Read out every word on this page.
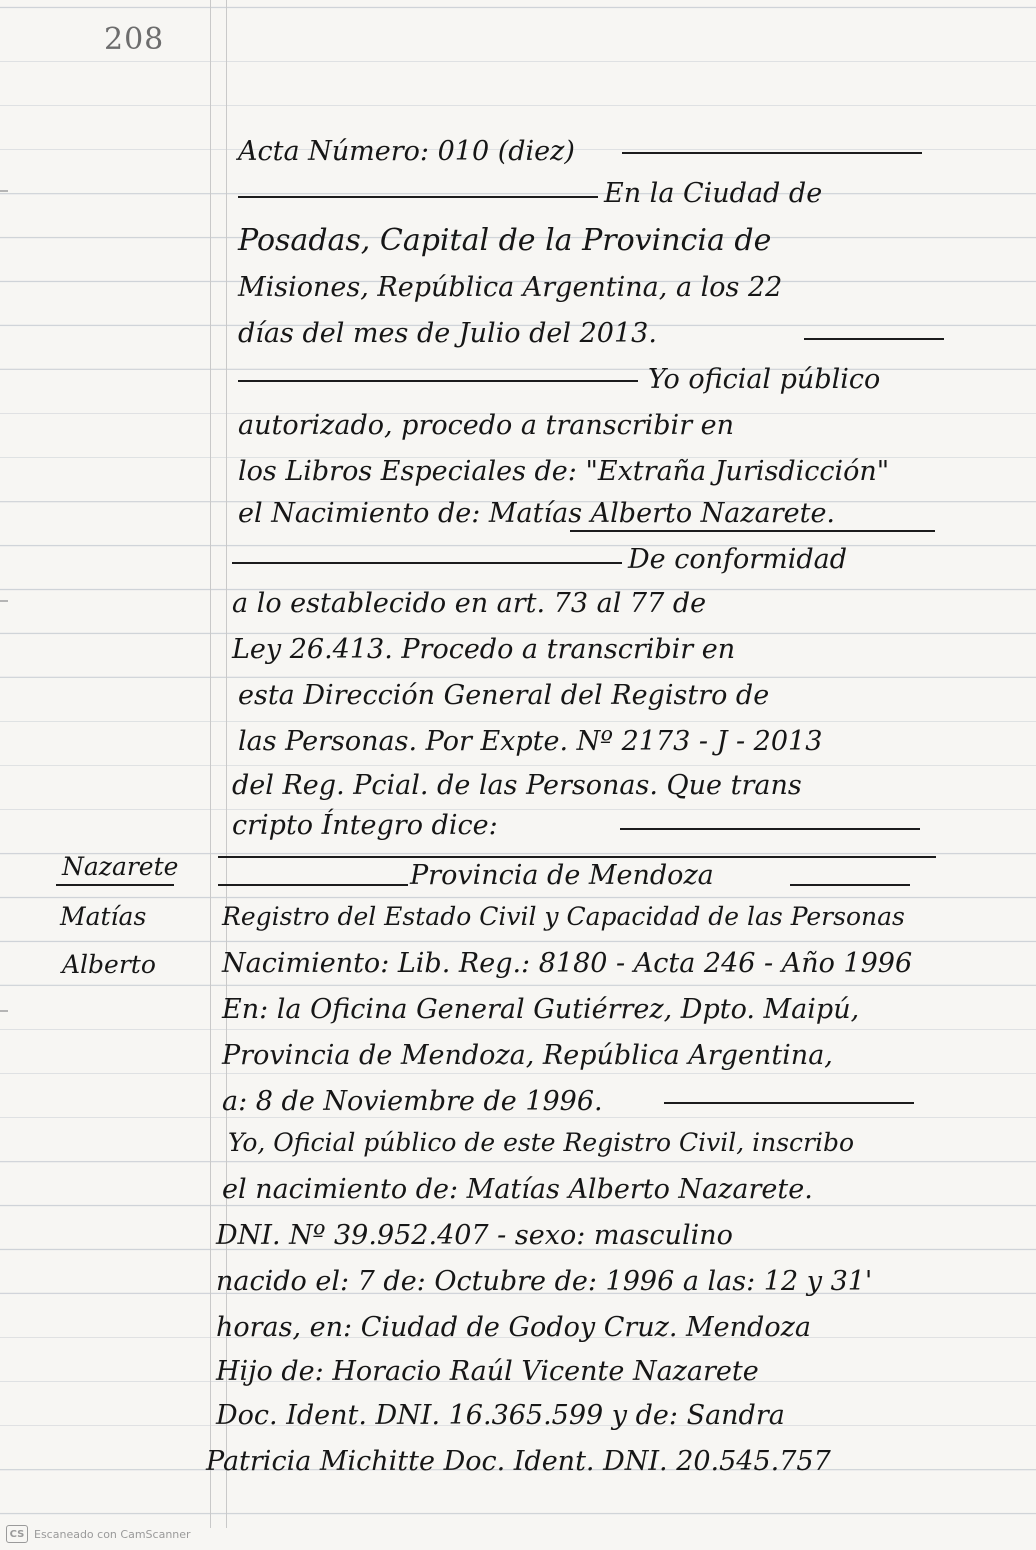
208
Acta Número: 010 (diez)
En la Ciudad de
Posadas, Capital de la Provincia de
Misiones, República Argentina, a los 22
días del mes de Julio del 2013.
Yo oficial público
autorizado, procedo a transcribir en
los Libros Especiales de: "Extraña Jurisdicción"
el Nacimiento de: Matías Alberto Nazarete.
De conformidad
a lo establecido en art. 73 al 77 de
Ley 26.413. Procedo a transcribir en
esta Dirección General del Registro de
las Personas. Por Expte. Nº 2173 - J - 2013
del Reg. Pcial. de las Personas. Que trans
cripto Íntegro dice:
Provincia de Mendoza
Registro del Estado Civil y Capacidad de las Personas
Nacimiento: Lib. Reg.: 8180 - Acta 246 - Año 1996
En: la Oficina General Gutiérrez, Dpto. Maipú,
Provincia de Mendoza, República Argentina,
a: 8 de Noviembre de 1996.
Yo, Oficial público de este Registro Civil, inscribo
el nacimiento de: Matías Alberto Nazarete.
DNI. Nº 39.952.407 - sexo: masculino
nacido el: 7 de: Octubre de: 1996 a las: 12 y 31'
horas, en: Ciudad de Godoy Cruz. Mendoza
Hijo de: Horacio Raúl Vicente Nazarete
Doc. Ident. DNI. 16.365.599 y de: Sandra
Patricia Michitte Doc. Ident. DNI. 20.545.757
Nazarete
Matías
Alberto
CS Escaneado con CamScanner
